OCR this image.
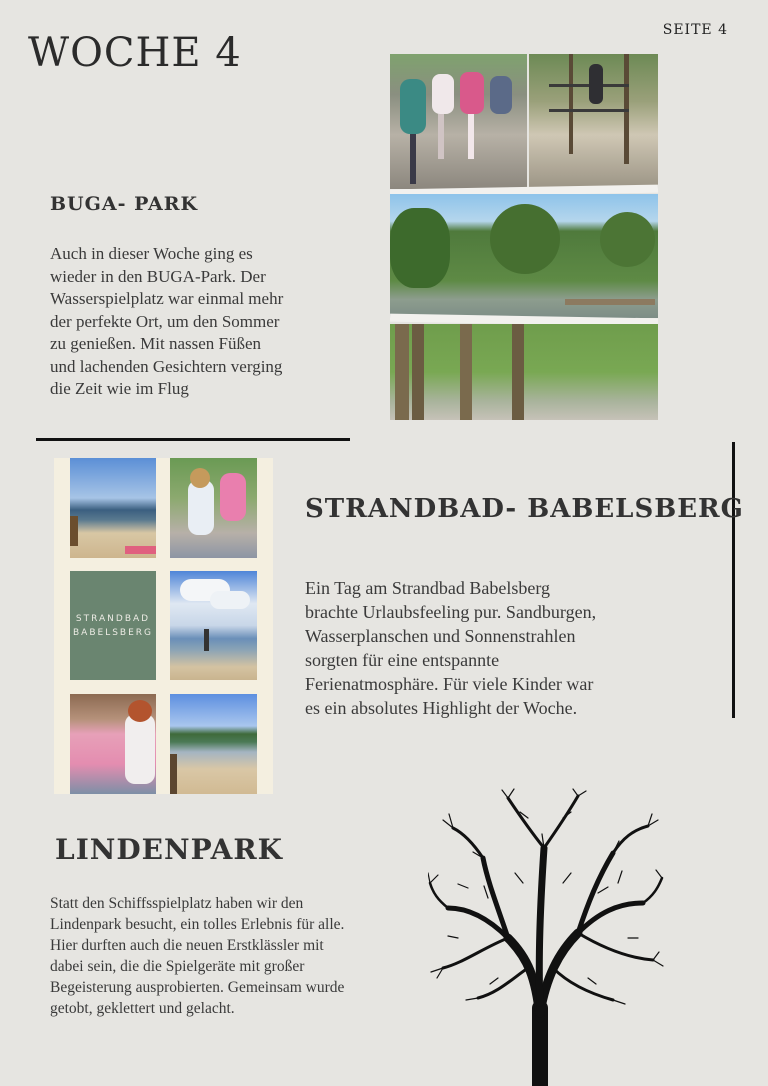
WOCHE 4	SEITE 4
BUGA- PARK

Auch in dieser Woche ging es wieder in den BUGA-Park. Der Wasserspielplatz war einmal mehr der perfekte Ort, um den Sommer zu genießen. Mit nassen Füßen und lachenden Gesichtern verging die Zeit wie im Flug

STRANDBAD
BABELSBERG
STRANDBAD- BABELSBERG

Ein Tag am Strandbad Babelsberg brachte Urlaubsfeeling pur. Sandburgen, Wasserplanschen und Sonnenstrahlen sorgten für eine entspannte Ferienatmosphäre. Für viele Kinder war es ein absolutes Highlight der Woche.

LINDENPARK

Statt den Schiffsspielplatz haben wir den Lindenpark besucht, ein tolles Erlebnis für alle. Hier durften auch die neuen Erstklässler mit dabei sein, die die Spielgeräte mit großer Begeisterung ausprobierten. Gemeinsam wurde getobt, geklettert und gelacht.
